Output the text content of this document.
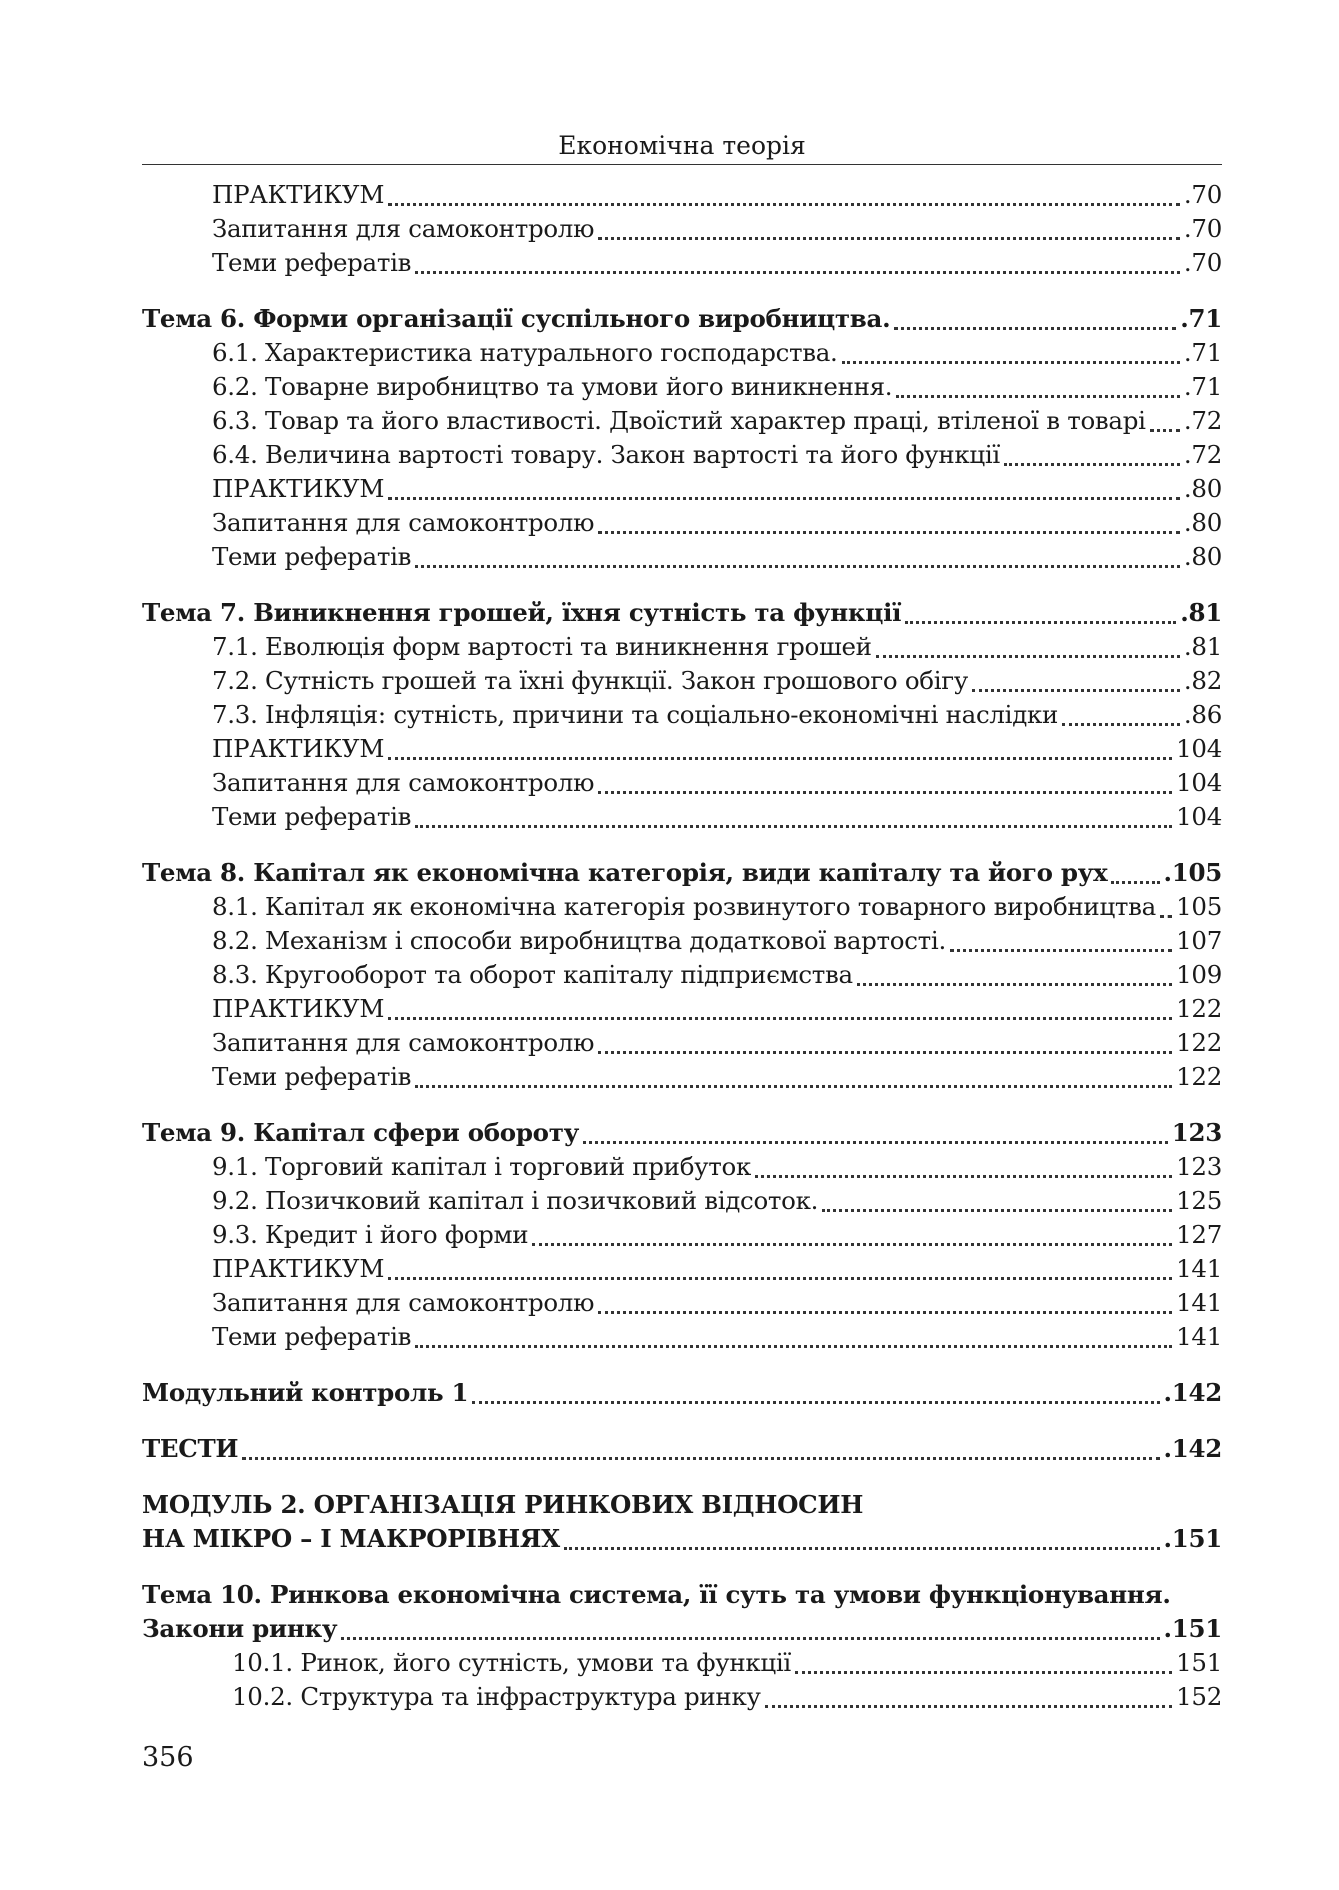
Економічна теорія
ПРАКТИКУМ	.70
Запитання для самоконтролю	.70
Теми рефератів	.70
Тема 6. Форми організації суспільного виробництва.	.71
6.1. Характеристика натурального господарства.	.71
6.2. Товарне виробництво та умови його виникнення.	.71
6.3. Товар та його властивості. Двоїстий характер праці, втіленої в товарі .72
6.4. Величина вартості товару. Закон вартості та його функції	.72
ПРАКТИКУМ	.80
Запитання для самоконтролю	.80
Теми рефератів	.80
Тема 7. Виникнення грошей, їхня сутність та функції	.81
7.1. Еволюція форм вартості та виникнення грошей	.81
7.2. Сутність грошей та їхні функції. Закон грошового обігу	.82
7.3. Інфляція: сутність, причини та соціально-економічні наслідки	.86
ПРАКТИКУМ	104
Запитання для самоконтролю	104
Теми рефератів	104
Тема 8. Капітал як економічна категорія, види капіталу та його рух .105
8.1. Капітал як економічна категорія розвинутого товарного виробництва 105
8.2. Механізм і способи виробництва додаткової вартості.	107
8.3. Кругооборот та оборот капіталу підприємства	109
ПРАКТИКУМ	122
Запитання для самоконтролю	122
Теми рефератів	122
Тема 9. Капітал сфери обороту	123
9.1. Торговий капітал і торговий прибуток	123
9.2. Позичковий капітал і позичковий відсоток.	125
9.3. Кредит і його форми	127
ПРАКТИКУМ	141
Запитання для самоконтролю	141
Теми рефератів	141
Модульний контроль 1	.142
ТЕСТИ	.142
МОДУЛЬ 2. ОРГАНІЗАЦІЯ РИНКОВИХ ВІДНОСИН
НА МІКРО – І МАКРОРІВНЯХ	.151
Тема 10. Ринкова економічна система, її суть та умови функціонування.
Закони ринку	.151
10.1. Ринок, його сутність, умови та функції	151
10.2. Структура та інфраструктура ринку	152
356
